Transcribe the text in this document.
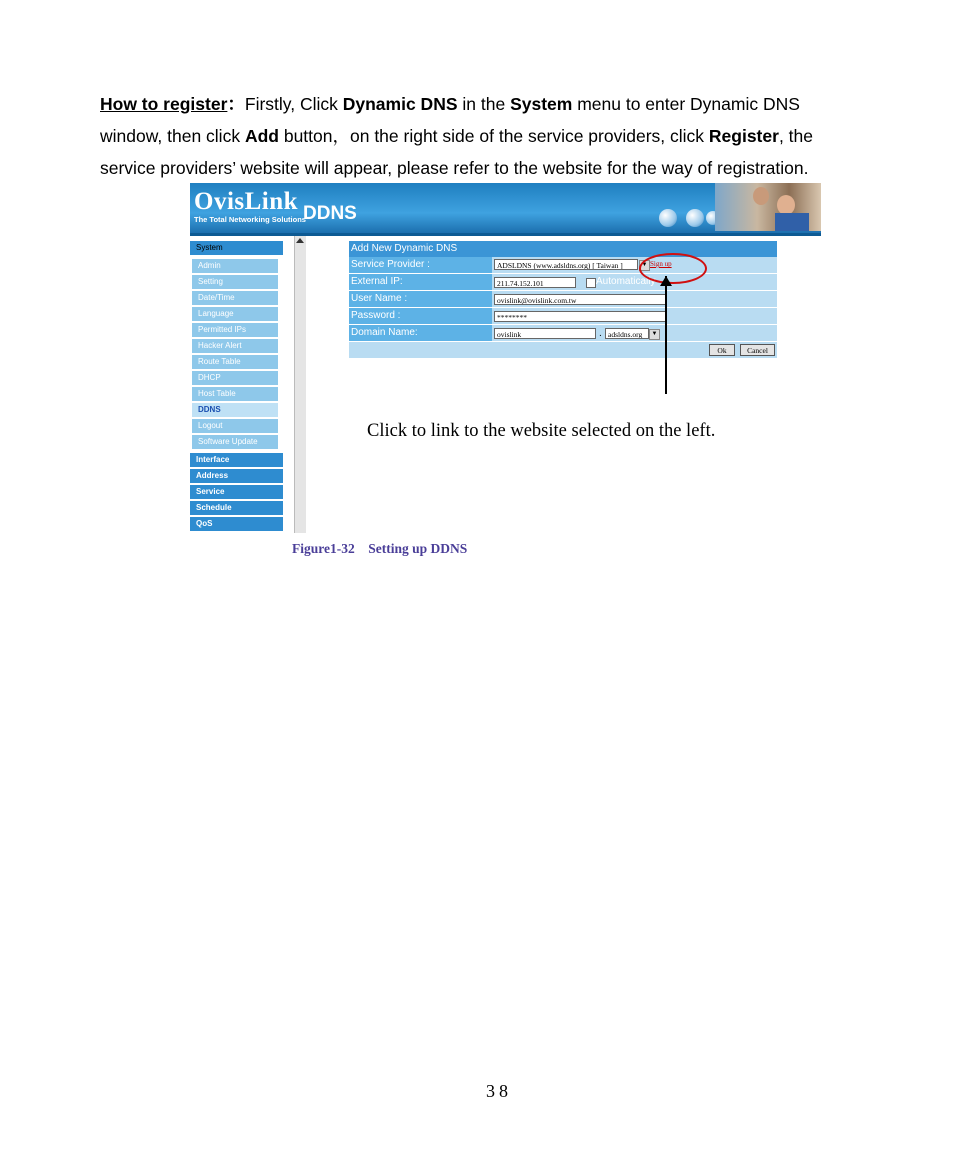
How to register：Firstly, Click Dynamic DNS in the System menu to enter Dynamic DNS
window, then click Add button，on the right side of the service providers, click Register, the
service providers’ website will appear, please refer to the website for the way of registration.
OvisLink
The Total Networking Solutions
DDNS
System
Admin
Setting
Date/Time
Language
Permitted IPs
Hacker Alert
Route Table
DHCP
Host Table
DDNS
Logout
Software Update
Interface
Address
Service
Schedule
QoS
Add New Dynamic DNS
Service Provider :	ADSLDNS (www.adsldns.org) [ Taiwan ]	▼ Sign up
External IP:	211.74.152.101	Automatically
User Name :	ovislink@ovislink.com.tw
Password :	********
Domain Name:	ovislink	. adsldns.org	▼
Ok	Cancel
Click to link to the website selected on the left.
Figure1-32    Setting up DDNS
38
